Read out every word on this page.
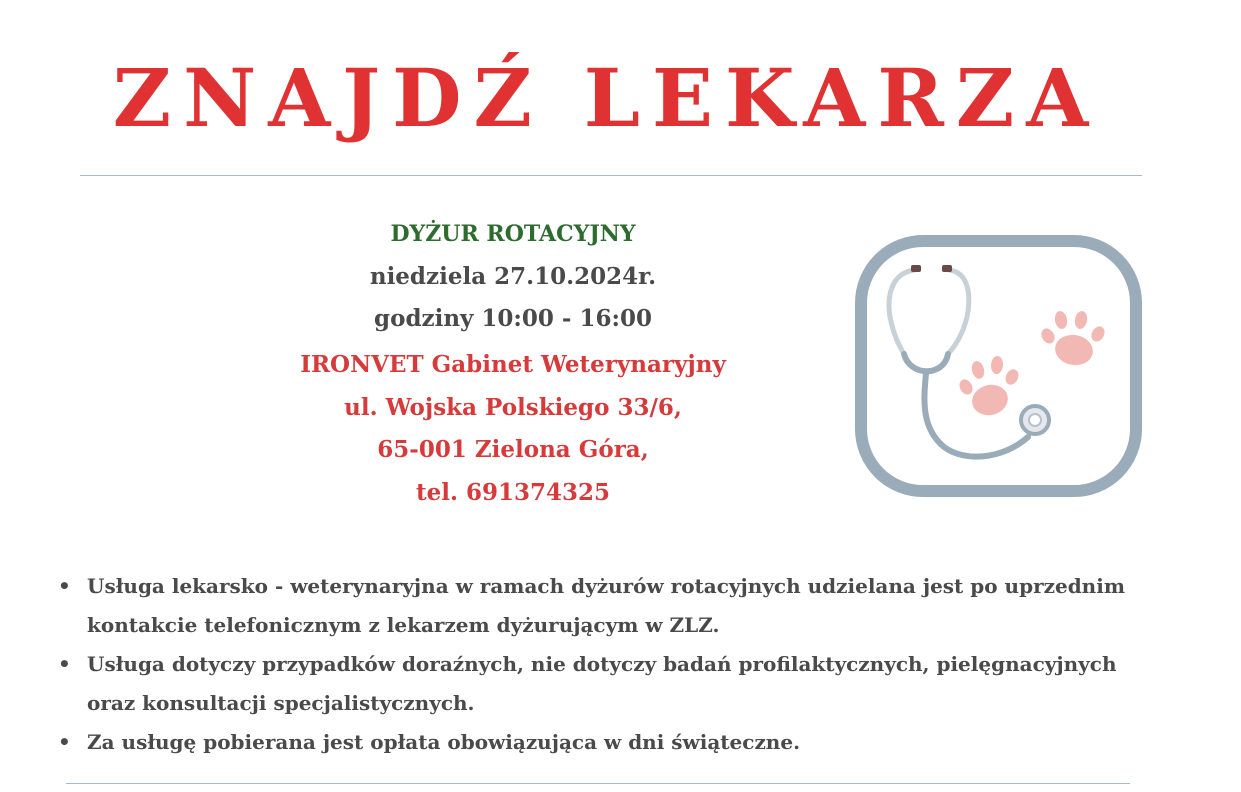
ZNAJDŹ LEKARZA
DYŻUR ROTACYJNY
niedziela 27.10.2024r.
godziny 10:00 - 16:00
IRONVET Gabinet Weterynaryjny
ul. Wojska Polskiego 33/6,
65-001 Zielona Góra,
tel. 691374325
• Usługa lekarsko - weterynaryjna w ramach dyżurów rotacyjnych udzielana jest po uprzednim
kontakcie telefonicznym z lekarzem dyżurującym w ZLZ.
• Usługa dotyczy przypadków doraźnych, nie dotyczy badań profilaktycznych, pielęgnacyjnych
oraz konsultacji specjalistycznych.
• Za usługę pobierana jest opłata obowiązująca w dni świąteczne.
